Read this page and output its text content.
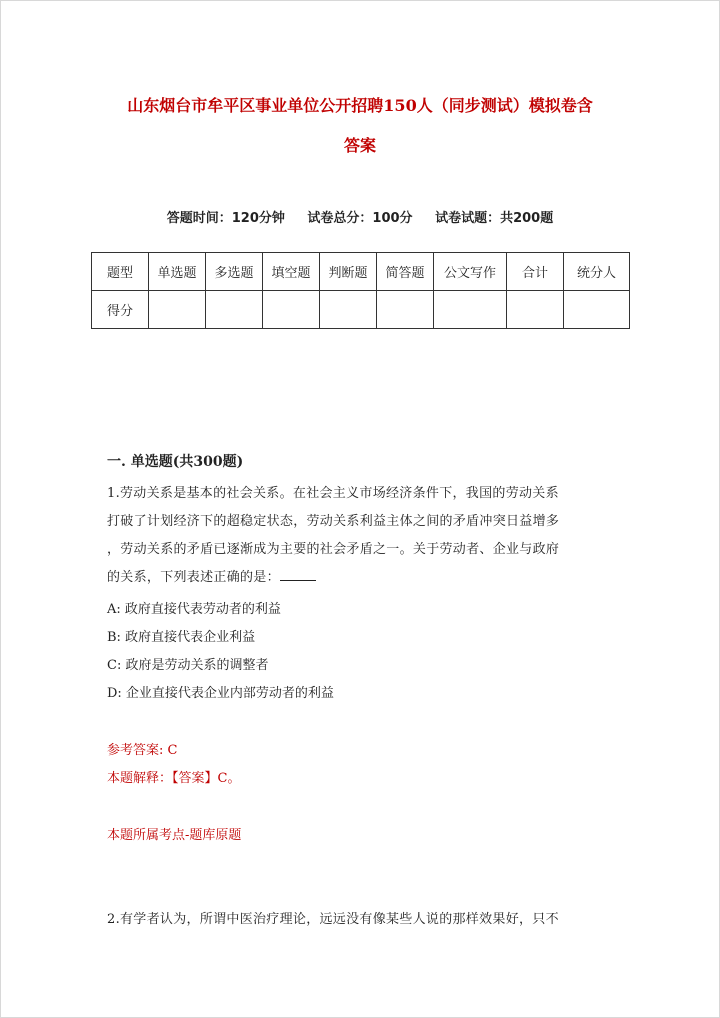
山东烟台市牟平区事业单位公开招聘150人（同步测试）模拟卷含
答案
答题时间：120分钟 试卷总分：100分 试卷试题：共200题
题型	单选题	多选题	填空题	判断题	简答题	公文写作	合计	统分人
得分								
一. 单选题(共300题)
1.劳动关系是基本的社会关系。在社会主义市场经济条件下，我国的劳动关系
打破了计划经济下的超稳定状态，劳动关系利益主体之间的矛盾冲突日益增多
，劳动关系的矛盾已逐渐成为主要的社会矛盾之一。关于劳动者、企业与政府
的关系，下列表述正确的是：
A: 政府直接代表劳动者的利益
B: 政府直接代表企业利益
C: 政府是劳动关系的调整者
D: 企业直接代表企业内部劳动者的利益
参考答案: C
本题解释：【答案】C。
本题所属考点-题库原题
2.有学者认为，所谓中医治疗理论，远远没有像某些人说的那样效果好，只不
